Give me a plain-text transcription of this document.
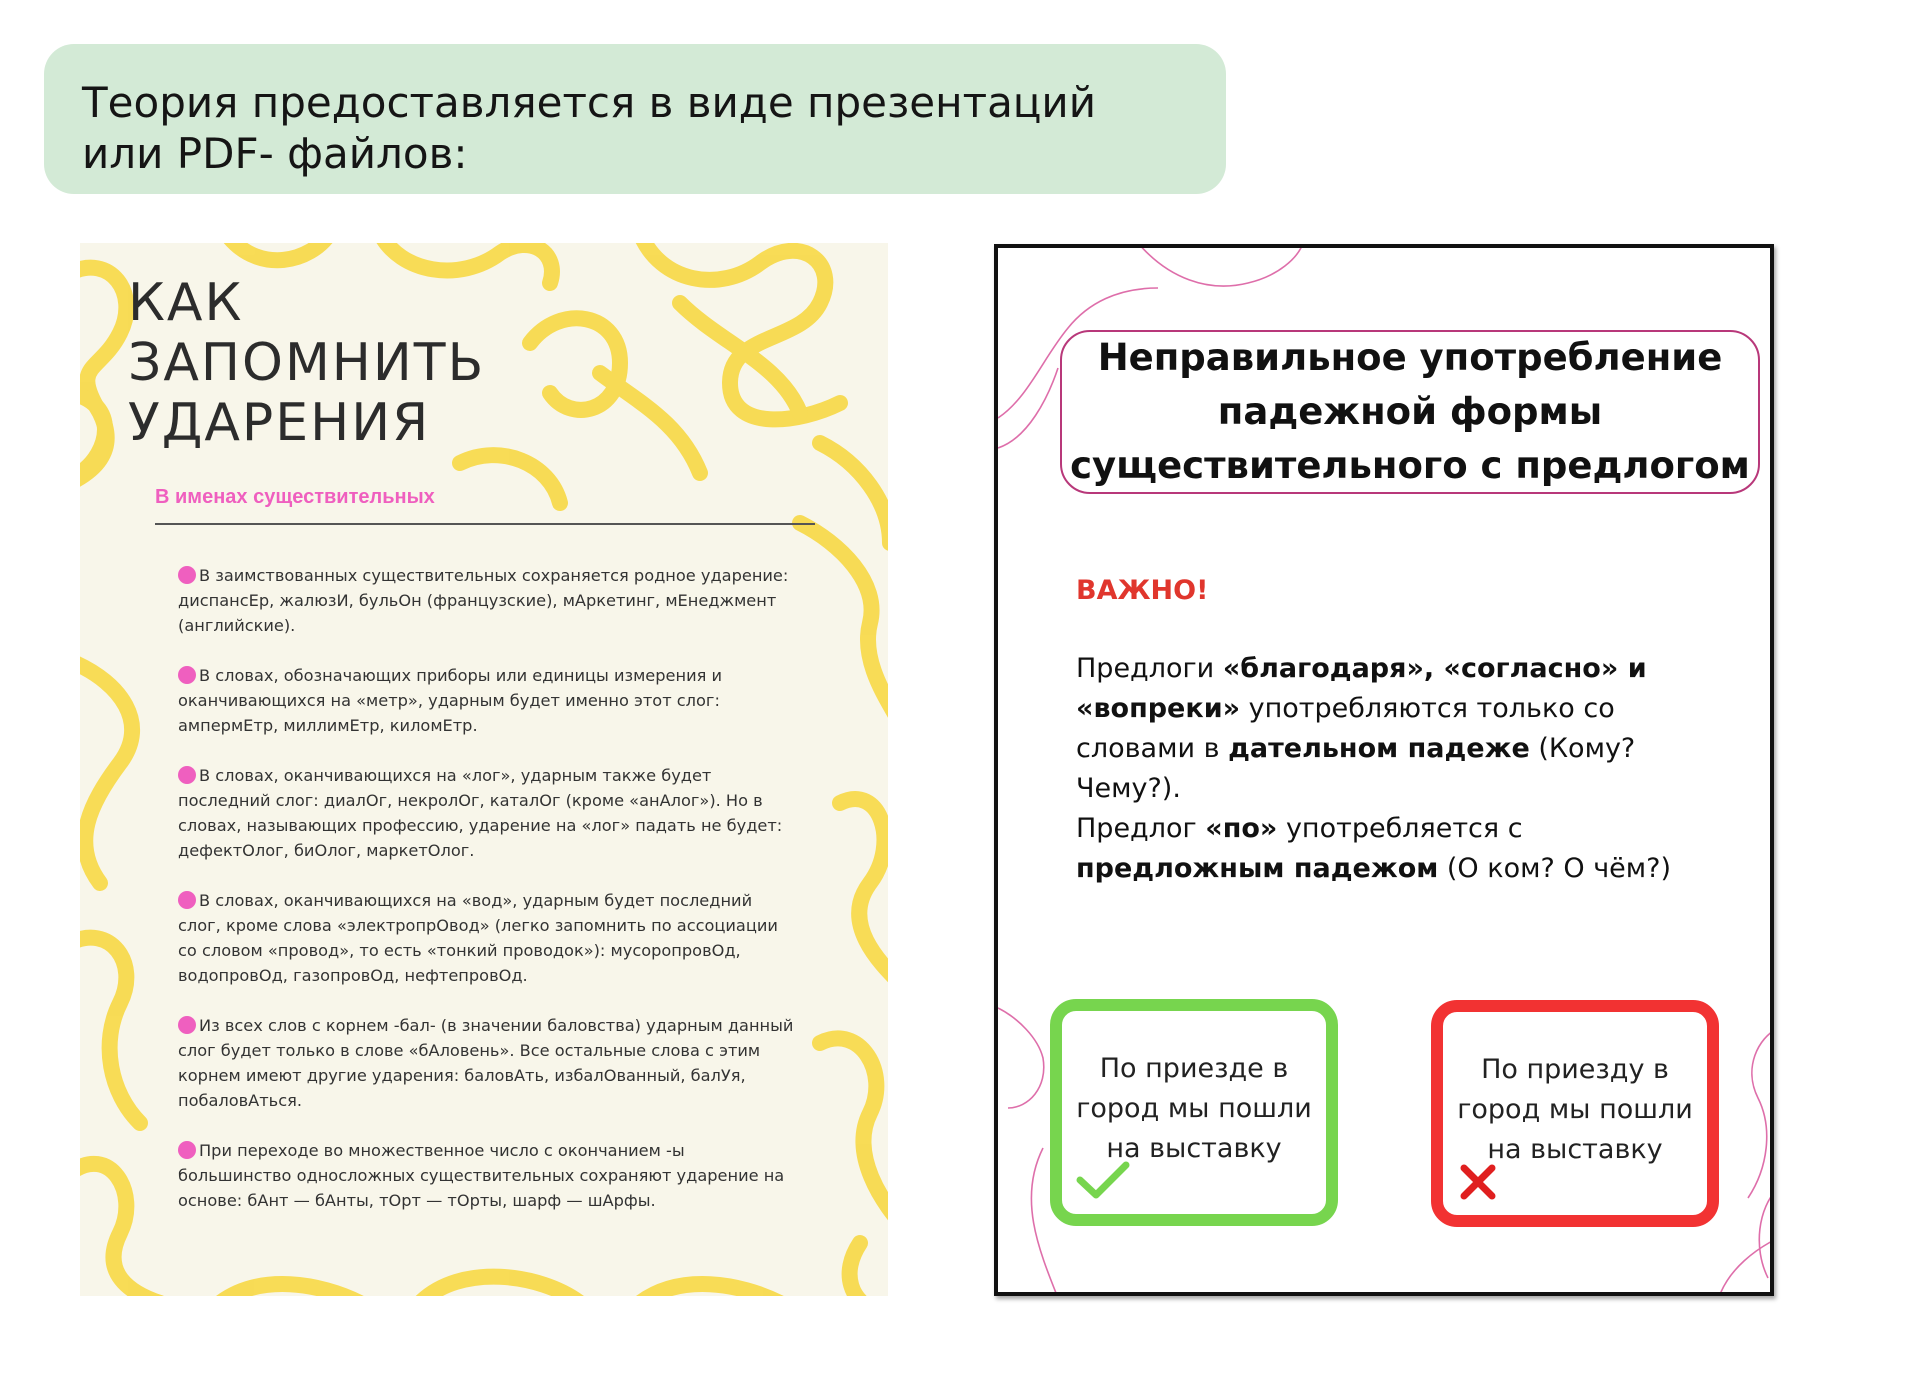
Теория предоставляется в виде презентаций или PDF- файлов:
КАК
ЗАПОМНИТЬ
УДАРЕНИЯ
В именах существительных
В заимствованных существительных сохраняется родное ударение: диспансЕр, жалюзИ, бульОн (французские), мАркетинг, мЕнеджмент (английские).
В словах, обозначающих приборы или единицы измерения и оканчивающихся на «метр», ударным будет именно этот слог: ампермЕтр, миллимЕтр, киломЕтр.
В словах, оканчивающихся на «лог», ударным также будет последний слог: диалОг, некролОг, каталОг (кроме «анАлог»). Но в словах, называющих профессию, ударение на «лог» падать не будет: дефектОлог, биОлог, маркетОлог.
В словах, оканчивающихся на «вод», ударным будет последний слог, кроме слова «электропрОвод» (легко запомнить по ассоциации со словом «провод», то есть «тонкий проводок»): мусоропровОд, водопровОд, газопровОд, нефтепровОд.
Из всех слов с корнем -бал- (в значении баловства) ударным данный слог будет только в слове «бАловень». Все остальные слова с этим корнем имеют другие ударения: баловАть, избалОванный, балУя, побаловАться.
При переходе во множественное число с окончанием -ы большинство односложных существительных сохраняют ударение на основе: бАнт — бАнты, тОрт — тОрты, шарф — шАрфы.
Неправильное употребление падежной формы существительного с предлогом
ВАЖНО!
Предлоги «благодаря», «согласно» и «вопреки» употребляются только со словами в дательном падеже (Кому? Чему?).
Предлог «по» употребляется с предложным падежом (О ком? О чём?)
По приезде в город мы пошли на выставку
По приезду в город мы пошли на выставку
